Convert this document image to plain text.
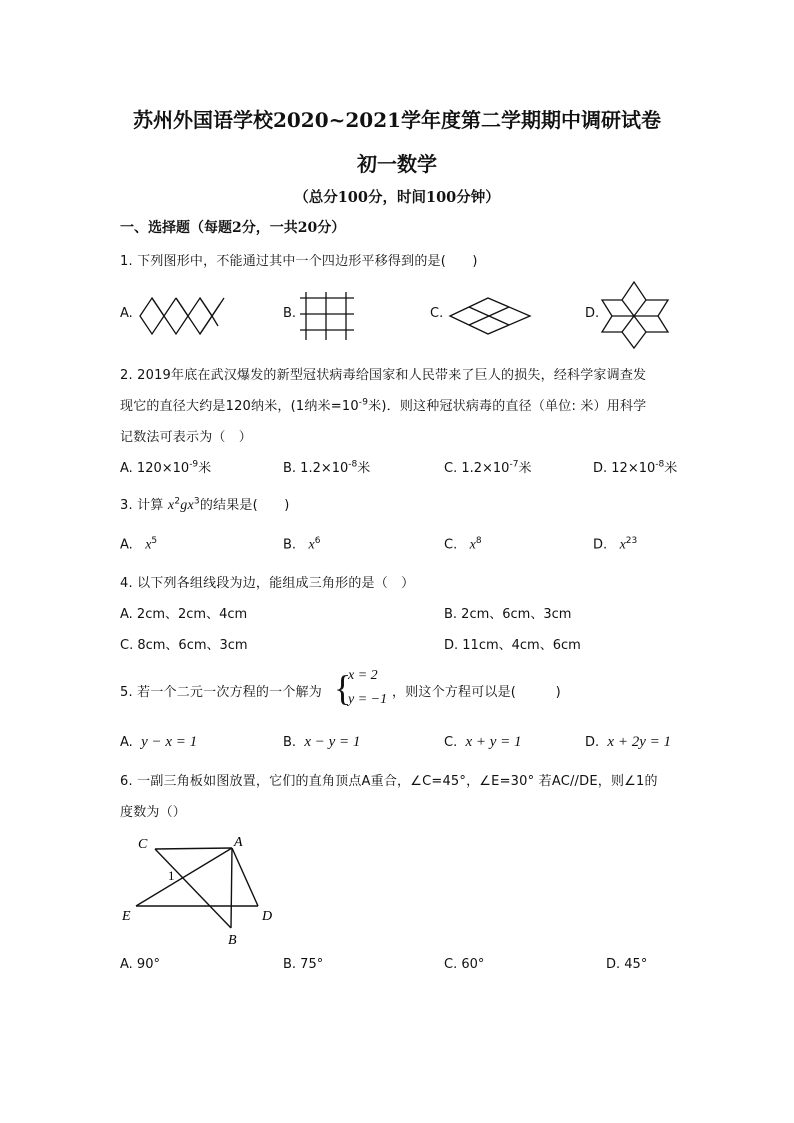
苏州外国语学校2020~2021学年度第二学期期中调研试卷
初一数学
（总分100分，时间100分钟）
一、选择题（每题2分，一共20分）
1. 下列图形中，不能通过其中一个四边形平移得到的是(　　)
A.	B.	C.	D.
2. 2019年底在武汉爆发的新型冠状病毒给国家和人民带来了巨人的损失，经科学家调查发
现它的直径大约是120纳米，(1纳米$=10^{-9}$米)．则这种冠状病毒的直径（单位: 米）用科学
记数法可表示为（　）
A. $120\times 10^{-9}$米	B. $1.2\times 10^{-8}$米	C. $1.2\times 10^{-7}$米	D. $12\times 10^{-8}$米
3. 计算 $x^2gx^3$的结果是(　　)
A. $x^5$	B. $x^6$	C. $x^8$	D. $x^{23}$
4. 以下列各组线段为边，能组成三角形的是（　）
A. 2cm、2cm、4cm	B. 2cm、6cm、3cm
C. 8cm、6cm、3cm	D. 11cm、4cm、6cm
5. 若一个二元一次方程的一个解为 {
x = 2
y = −1 ，则这个方程可以是(　　　)
A. y − x = 1	B. x − y = 1	C. x + y = 1	D. x + 2y = 1
6. 一副三角板如图放置，它们的直角顶点A重合，∠C=45°，∠E=30° 若AC//DE，则∠1的
度数为（）
C	A
1
E	D
B
A. 90°	B. 75°	C. 60°	D. 45°
